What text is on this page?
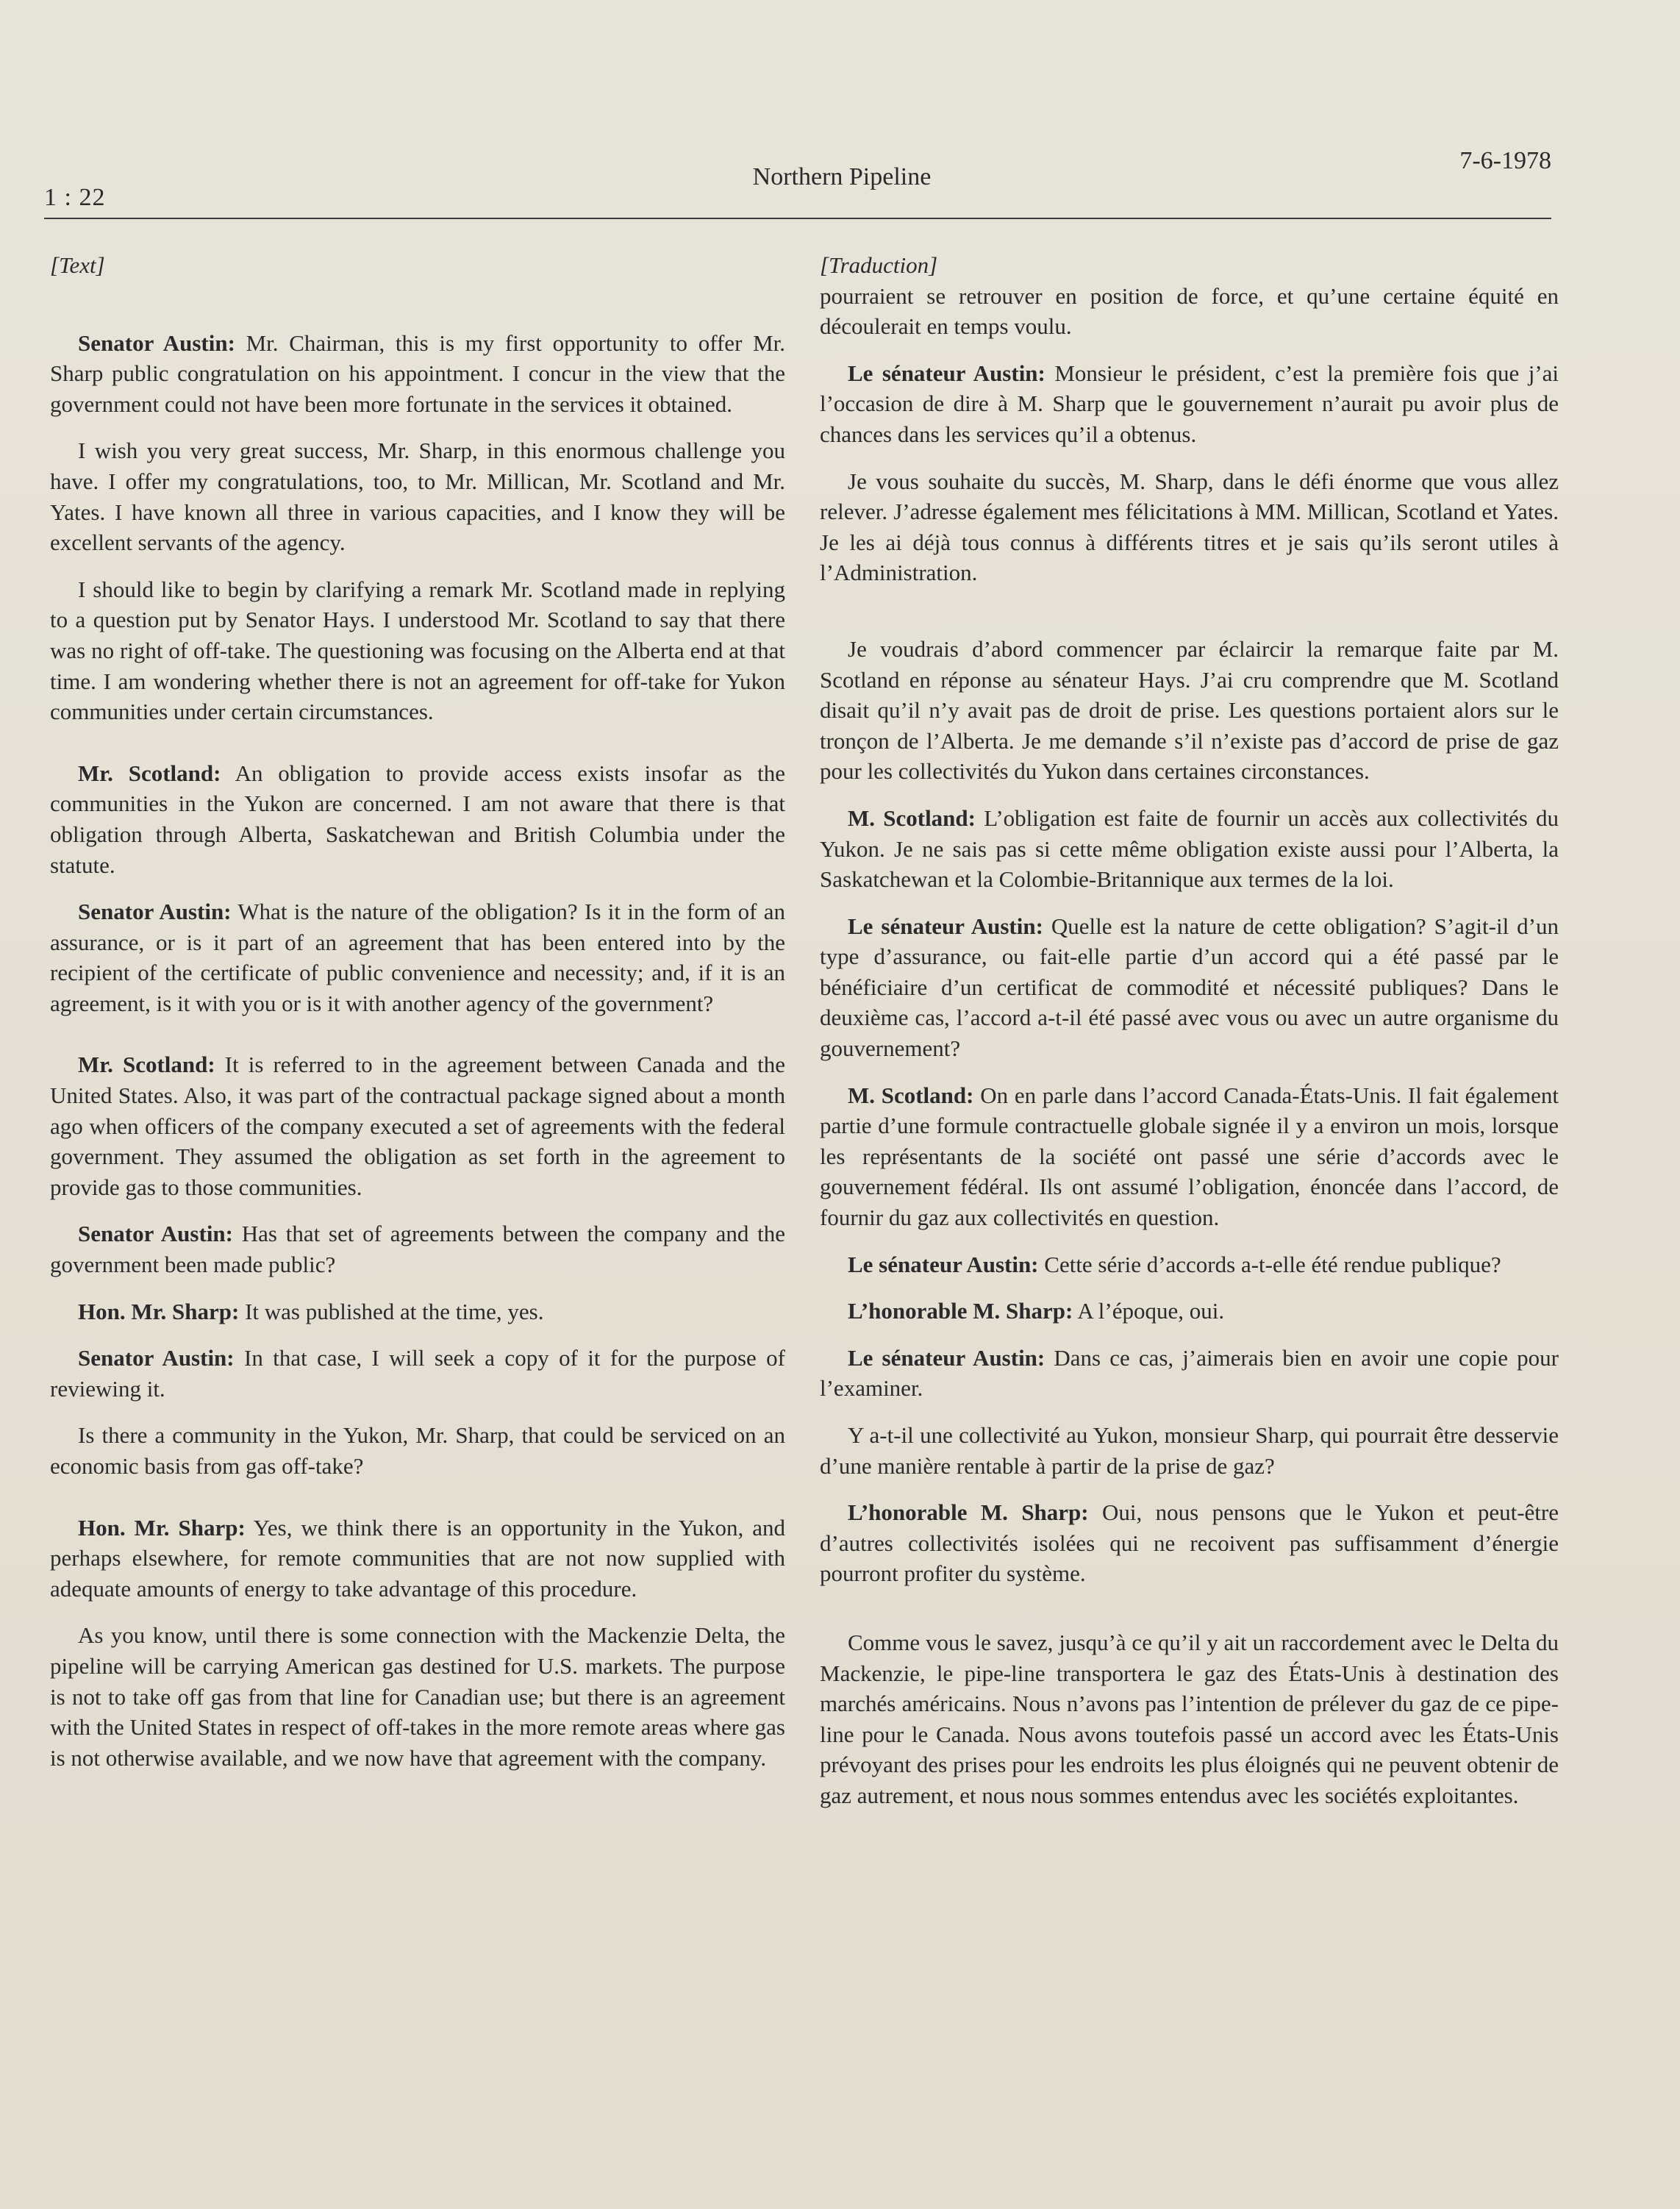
1 : 22
Northern Pipeline
7-6-1978

[Text]

Senator Austin: Mr. Chairman, this is my first opportunity to offer Mr. Sharp public congratulation on his appointment. I concur in the view that the government could not have been more fortunate in the services it obtained.

I wish you very great success, Mr. Sharp, in this enormous challenge you have. I offer my congratulations, too, to Mr. Millican, Mr. Scotland and Mr. Yates. I have known all three in various capacities, and I know they will be excellent servants of the agency.

I should like to begin by clarifying a remark Mr. Scotland made in replying to a question put by Senator Hays. I understood Mr. Scotland to say that there was no right of off-take. The questioning was focusing on the Alberta end at that time. I am wondering whether there is not an agreement for off-take for Yukon communities under certain circumstances.

Mr. Scotland: An obligation to provide access exists insofar as the communities in the Yukon are concerned. I am not aware that there is that obligation through Alberta, Saskatchewan and British Columbia under the statute.

Senator Austin: What is the nature of the obligation? Is it in the form of an assurance, or is it part of an agreement that has been entered into by the recipient of the certificate of public convenience and necessity; and, if it is an agreement, is it with you or is it with another agency of the government?

Mr. Scotland: It is referred to in the agreement between Canada and the United States. Also, it was part of the contractual package signed about a month ago when officers of the company executed a set of agreements with the federal government. They assumed the obligation as set forth in the agreement to provide gas to those communities.

Senator Austin: Has that set of agreements between the company and the government been made public?

Hon. Mr. Sharp: It was published at the time, yes.

Senator Austin: In that case, I will seek a copy of it for the purpose of reviewing it.

Is there a community in the Yukon, Mr. Sharp, that could be serviced on an economic basis from gas off-take?

Hon. Mr. Sharp: Yes, we think there is an opportunity in the Yukon, and perhaps elsewhere, for remote communities that are not now supplied with adequate amounts of energy to take advantage of this procedure.

As you know, until there is some connection with the Mackenzie Delta, the pipeline will be carrying American gas destined for U.S. markets. The purpose is not to take off gas from that line for Canadian use; but there is an agreement with the United States in respect of off-takes in the more remote areas where gas is not otherwise available, and we now have that agreement with the company.

[Traduction]

pourraient se retrouver en position de force, et qu’une certaine équité en découlerait en temps voulu.

Le sénateur Austin: Monsieur le président, c’est la première fois que j’ai l’occasion de dire à M. Sharp que le gouvernement n’aurait pu avoir plus de chances dans les services qu’il a obtenus.

Je vous souhaite du succès, M. Sharp, dans le défi énorme que vous allez relever. J’adresse également mes félicitations à MM. Millican, Scotland et Yates. Je les ai déjà tous connus à différents titres et je sais qu’ils seront utiles à l’Administration.

Je voudrais d’abord commencer par éclaircir la remarque faite par M. Scotland en réponse au sénateur Hays. J’ai cru comprendre que M. Scotland disait qu’il n’y avait pas de droit de prise. Les questions portaient alors sur le tronçon de l’Alberta. Je me demande s’il n’existe pas d’accord de prise de gaz pour les collectivités du Yukon dans certaines circonstances.

M. Scotland: L’obligation est faite de fournir un accès aux collectivités du Yukon. Je ne sais pas si cette même obligation existe aussi pour l’Alberta, la Saskatchewan et la Colombie-Britannique aux termes de la loi.

Le sénateur Austin: Quelle est la nature de cette obligation? S’agit-il d’un type d’assurance, ou fait-elle partie d’un accord qui a été passé par le bénéficiaire d’un certificat de commodité et nécessité publiques? Dans le deuxième cas, l’accord a-t-il été passé avec vous ou avec un autre organisme du gouvernement?

M. Scotland: On en parle dans l’accord Canada-États-Unis. Il fait également partie d’une formule contractuelle globale signée il y a environ un mois, lorsque les représentants de la société ont passé une série d’accords avec le gouvernement fédéral. Ils ont assumé l’obligation, énoncée dans l’accord, de fournir du gaz aux collectivités en question.

Le sénateur Austin: Cette série d’accords a-t-elle été rendue publique?

L’honorable M. Sharp: A l’époque, oui.

Le sénateur Austin: Dans ce cas, j’aimerais bien en avoir une copie pour l’examiner.

Y a-t-il une collectivité au Yukon, monsieur Sharp, qui pourrait être desservie d’une manière rentable à partir de la prise de gaz?

L’honorable M. Sharp: Oui, nous pensons que le Yukon et peut-être d’autres collectivités isolées qui ne recoivent pas suffisamment d’énergie pourront profiter du système.

Comme vous le savez, jusqu’à ce qu’il y ait un raccordement avec le Delta du Mackenzie, le pipe-line transportera le gaz des États-Unis à destination des marchés américains. Nous n’avons pas l’intention de prélever du gaz de ce pipe-line pour le Canada. Nous avons toutefois passé un accord avec les États-Unis prévoyant des prises pour les endroits les plus éloignés qui ne peuvent obtenir de gaz autrement, et nous nous sommes entendus avec les sociétés exploitantes.
